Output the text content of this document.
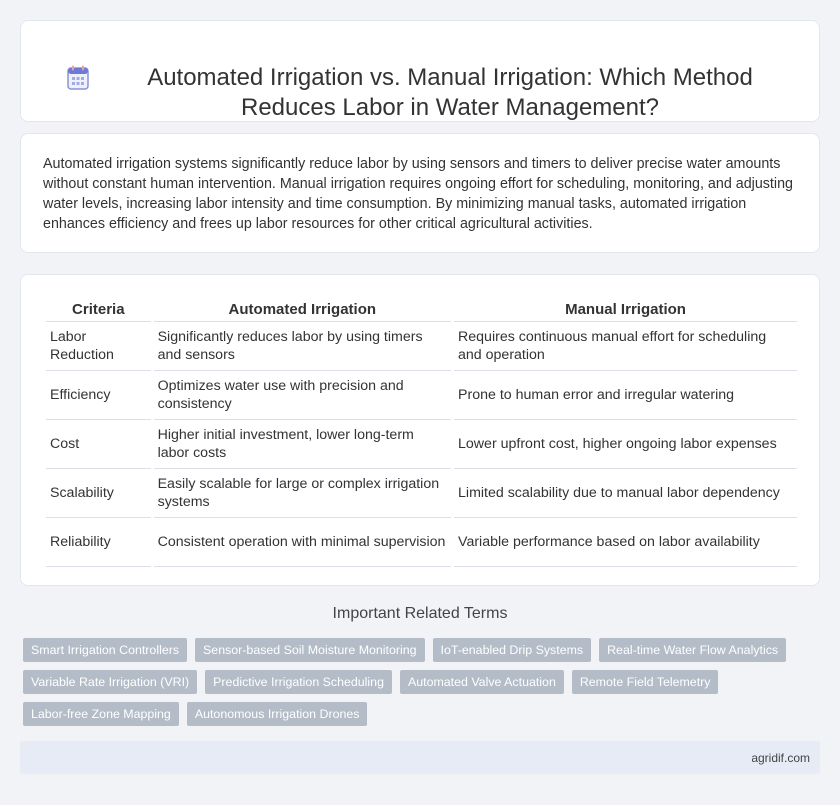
Automated Irrigation vs. Manual Irrigation: Which Method Reduces Labor in Water Management?

Automated irrigation systems significantly reduce labor by using sensors and timers to deliver precise water amounts without constant human intervention. Manual irrigation requires ongoing effort for scheduling, monitoring, and adjusting water levels, increasing labor intensity and time consumption. By minimizing manual tasks, automated irrigation enhances efficiency and frees up labor resources for other critical agricultural activities.

Criteria	Automated Irrigation	Manual Irrigation
Labor Reduction	Significantly reduces labor by using timers and sensors	Requires continuous manual effort for scheduling and operation
Efficiency	Optimizes water use with precision and consistency	Prone to human error and irregular watering
Cost	Higher initial investment, lower long-term labor costs	Lower upfront cost, higher ongoing labor expenses
Scalability	Easily scalable for large or complex irrigation systems	Limited scalability due to manual labor dependency
Reliability	Consistent operation with minimal supervision	Variable performance based on labor availability
Important Related Terms
Smart Irrigation Controllers	Sensor-based Soil Moisture Monitoring	IoT-enabled Drip Systems	Real-time Water Flow Analytics
Variable Rate Irrigation (VRI)	Predictive Irrigation Scheduling	Automated Valve Actuation	Remote Field Telemetry
Labor-free Zone Mapping	Autonomous Irrigation Drones
agridif.com
